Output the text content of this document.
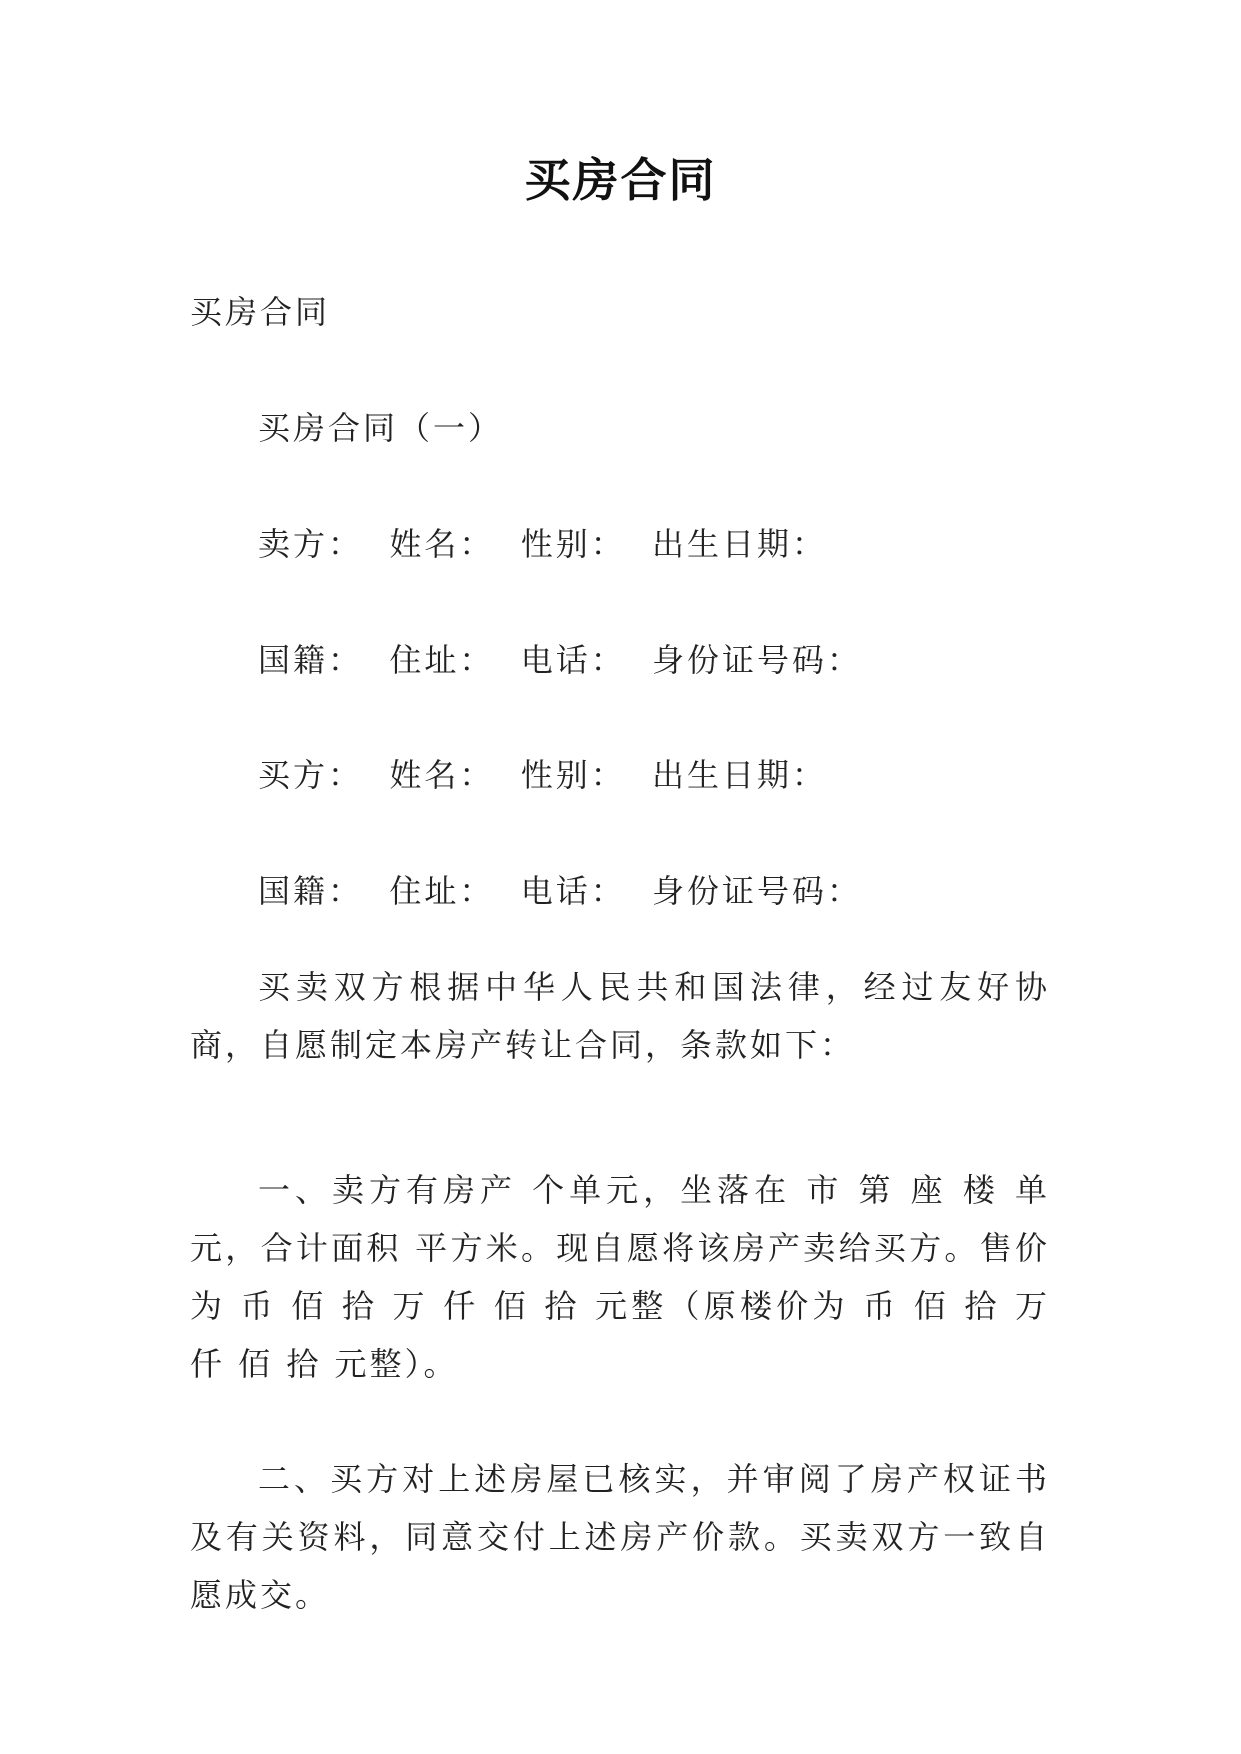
买房合同
买房合同
买房合同（一）
卖方：  姓名：  性别：  出生日期：
国籍：  住址：  电话：  身份证号码：
买方：  姓名：  性别：  出生日期：
国籍：  住址：  电话：  身份证号码：

买卖双方根据中华人民共和国法律，经过友好协商，自愿制定本房产转让合同，条款如下：

一、卖方有房产 个单元，坐落在 市 第 座 楼 单元，合计面积 平方米。现自愿将该房产卖给买方。售价为 币 佰 拾 万 仟 佰 拾 元整（原楼价为 币 佰 拾 万 仟 佰 拾 元整）。

二、买方对上述房屋已核实，并审阅了房产权证书及有关资料，同意交付上述房产价款。买卖双方一致自愿成交。
